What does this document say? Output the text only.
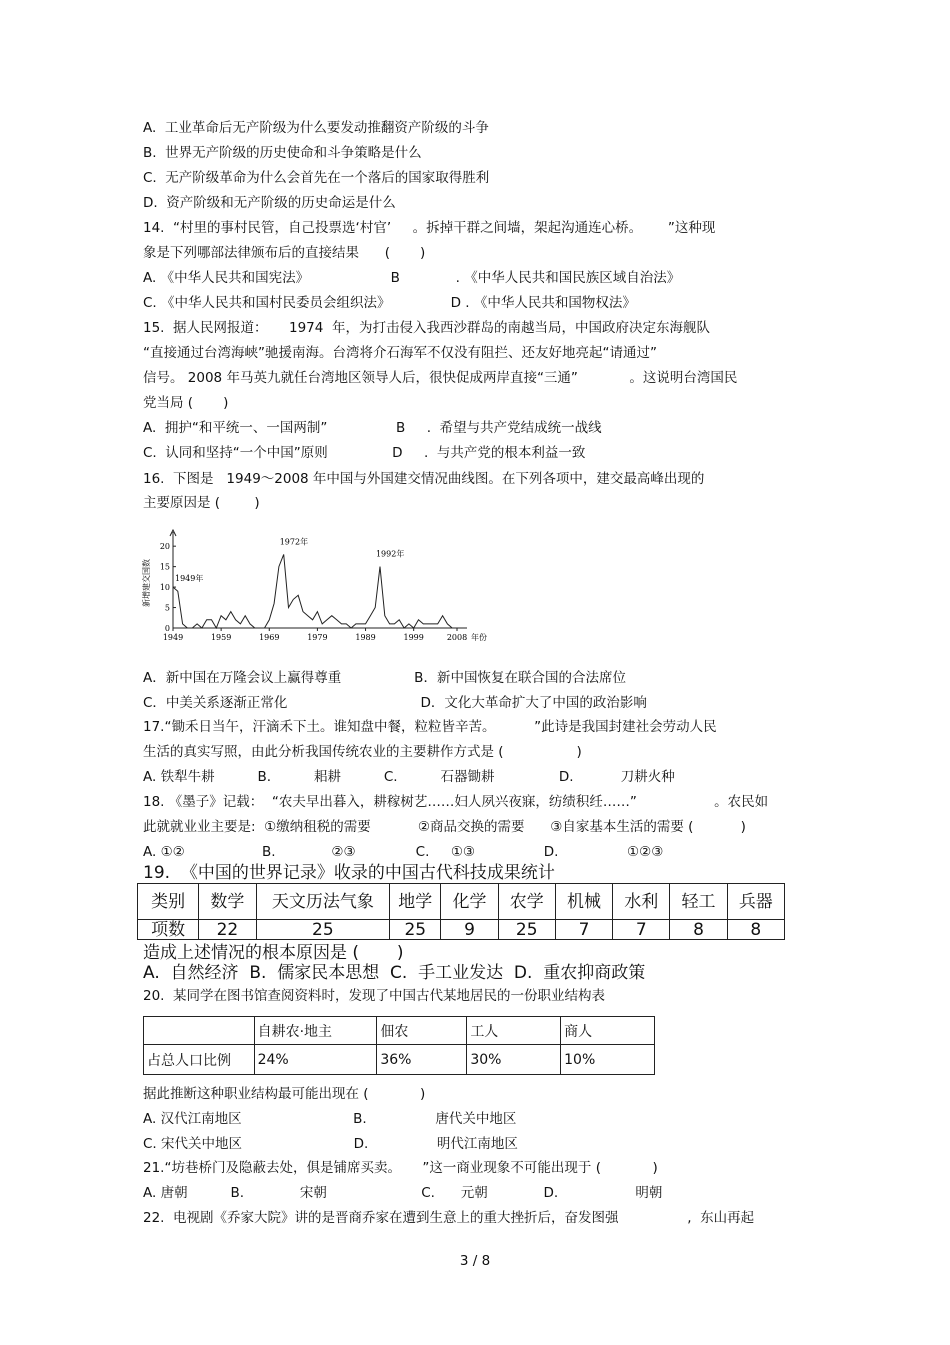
A.  工业革命后无产阶级为什么要发动推翻资产阶级的斗争
B.  世界无产阶级的历史使命和斗争策略是什么
C.  无产阶级革命为什么会首先在一个落后的国家取得胜利
D.  资产阶级和无产阶级的历史命运是什么
14.  “村里的事村民管，自己投票选‘村官’     。拆掉干群之间墙，架起沟通连心桥。      ”这种现
象是下列哪部法律颁布后的直接结果      (       )
A. 《中华人民共和国宪法》                   B             . 《中华人民共和国民族区域自治法》
C. 《中华人民共和国村民委员会组织法》              D . 《中华人民共和国物权法》
15.  据人民网报道：     1974  年，为打击侵入我西沙群岛的南越当局，中国政府决定东海舰队
“直接通过台湾海峡”驰援南海。台湾将介石海军不仅没有阻拦、还友好地亮起“请通过”
信号。 2008 年马英九就任台湾地区领导人后，很快促成两岸直接“三通”            。这说明台湾国民
党当局 (       )
A.  拥护“和平统一、一国两制”                B     .  希望与共产党结成统一战线
C.  认同和坚持“一个中国”原则               D     .  与共产党的根本利益一致
16.  下图是   1949～2008 年中国与外国建交情况曲线图。在下列各项中，建交最高峰出现的
主要原因是 (        )
0
5
10
15
20
1949	1959	1969	1979	1989	1999	2008 年份
新增建交国数	1949年
1972年
1992年
A．新中国在万隆会议上赢得尊重                 B．新中国恢复在联合国的合法席位
C．中美关系逐渐正常化                               D．文化大革命扩大了中国的政治影响
17.“锄禾日当午，汗滴禾下土。谁知盘中餐，粒粒皆辛苦。         ”此诗是我国封建社会劳动人民
生活的真实写照，由此分析我国传统农业的主要耕作方式是 (                 )
A. 铁犁牛耕          B.          耜耕          C.          石器锄耕               D.           刀耕火种
18. 《墨子》记载：  “农夫早出暮入，耕稼树艺……妇人夙兴夜寐，纺绩积纴……”                  。农民如
此就就业业主要是:  ①缴纳租税的需要           ②商品交换的需要      ③自家基本生活的需要 (           )
A. ①②                  B.             ②③              C.     ①③                D.                ①②③
19.  《中国的世界记录》收录的中国古代科技成果统计
类别	数学	天文历法气象	地学	化学	农学	机械	水利	轻工	兵器
项数	22	25	25	9	25	7	7	8	8
造成上述情况的根本原因是 (       )
A.  自然经济  B.  儒家民本思想  C.  手工业发达  D.  重农抑商政策
20.  某同学在图书馆查阅资料时，发现了中国古代某地居民的一份职业结构表
	自耕农·地主	佃农	工人	商人
占总人口比例	24%	36%	30%	10%
据此推断这种职业结构最可能出现在 (            )
A. 汉代江南地区                          B.                唐代关中地区
C. 宋代关中地区                          D.                明代江南地区
21.“坊巷桥门及隐蔽去处，俱是铺席买卖。     ”这一商业现象不可能出现于 (            )
A. 唐朝          B.             宋朝                      C.      元朝             D.                  明朝
22.  电视剧《乔家大院》讲的是晋商乔家在遭到生意上的重大挫折后，奋发图强                ,  东山再起
3 / 8
